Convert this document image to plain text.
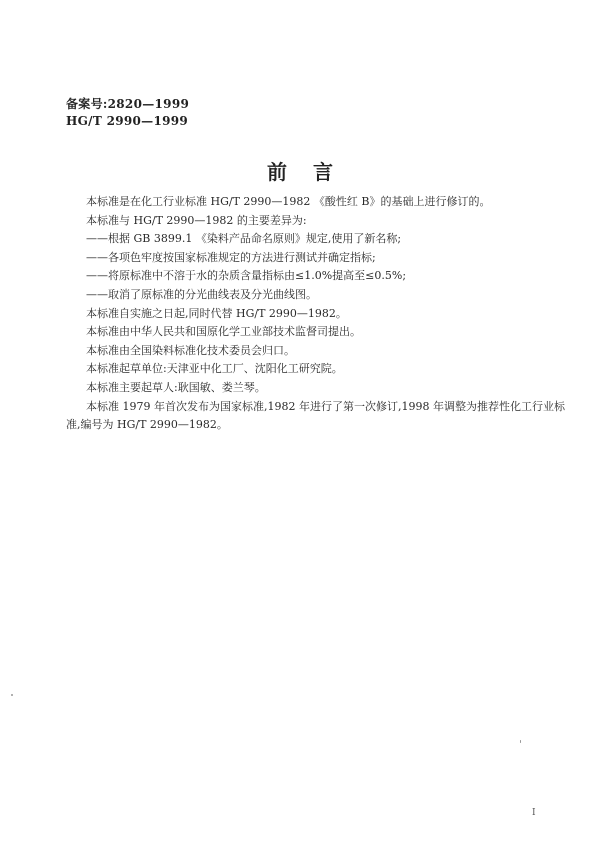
备案号:2820—1999
HG/T 2990—1999
前言

本标准是在化工行业标准 HG/T 2990—1982 《酸性红 B》的基础上进行修订的。

本标准与 HG/T 2990—1982 的主要差异为:

——根据 GB 3899.1 《染料产品命名原则》规定,使用了新名称;

——各项色牢度按国家标准规定的方法进行测试并确定指标;

——将原标准中不溶于水的杂质含量指标由≤1.0%提高至≤0.5%;

——取消了原标准的分光曲线表及分光曲线图。

本标准自实施之日起,同时代替 HG/T 2990—1982。

本标准由中华人民共和国原化学工业部技术监督司提出。

本标准由全国染料标准化技术委员会归口。

本标准起草单位:天津亚中化工厂、沈阳化工研究院。

本标准主要起草人:耿国敏、娄兰琴。

本标准 1979 年首次发布为国家标准,1982 年进行了第一次修订,1998 年调整为推荐性化工行业标

准,编号为 HG/T 2990—1982。

I
